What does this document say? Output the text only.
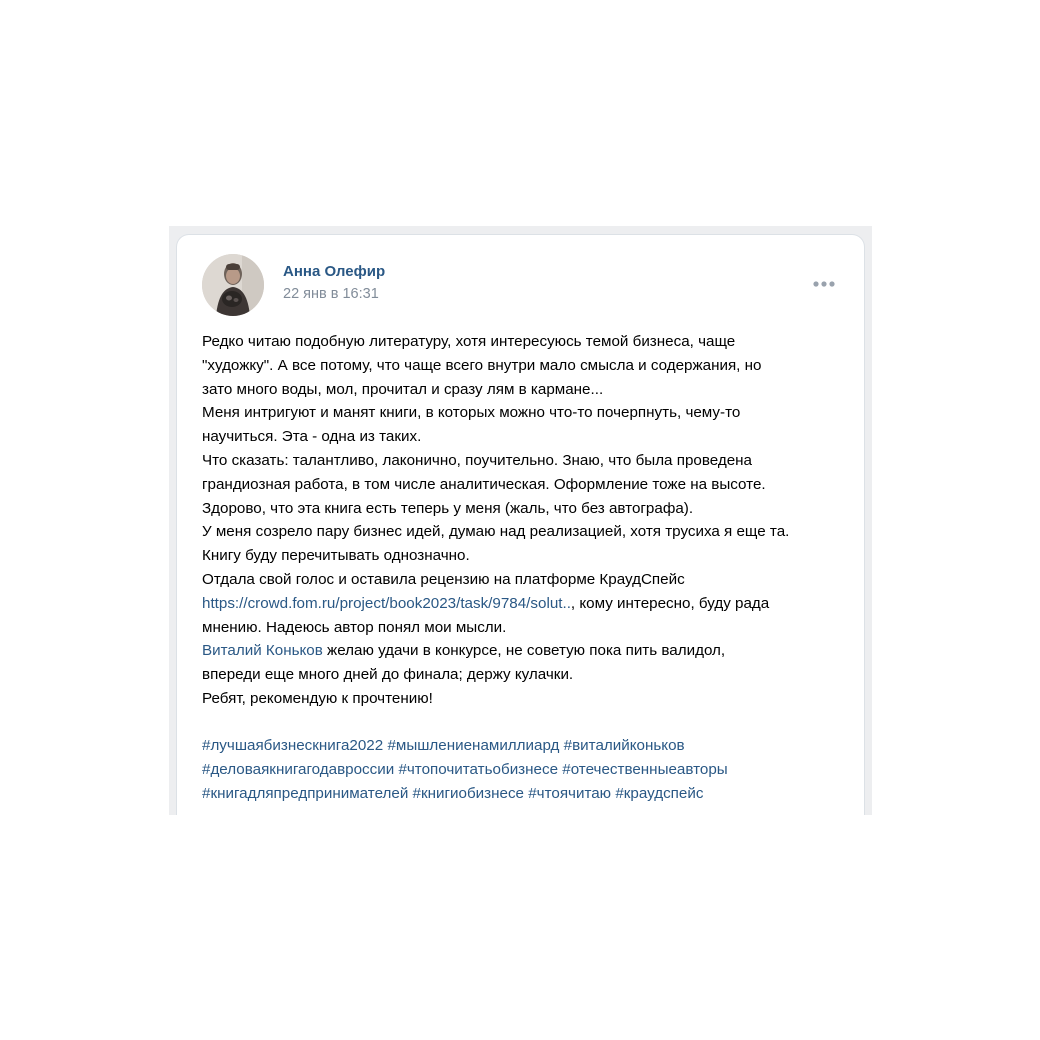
Анна Олефир
22 янв в 16:31
Редко читаю подобную литературу, хотя интересуюсь темой бизнеса, чаще
"художку". А все потому, что чаще всего внутри мало смысла и содержания, но
зато много воды, мол, прочитал и сразу лям в кармане...
Меня интригуют и манят книги, в которых можно что-то почерпнуть, чему-то
научиться. Эта - одна из таких.
Что сказать: талантливо, лаконично, поучительно. Знаю, что была проведена
грандиозная работа, в том числе аналитическая. Оформление тоже на высоте.
Здорово, что эта книга есть теперь у меня (жаль, что без автографа).
У меня созрело пару бизнес идей, думаю над реализацией, хотя трусиха я еще та.
Книгу буду перечитывать однозначно.
Отдала свой голос и оставила рецензию на платформе КраудСпейс
https://crowd.fom.ru/project/book2023/task/9784/solut.., кому интересно, буду рада
мнению. Надеюсь автор понял мои мысли.
Виталий Коньков желаю удачи в конкурсе, не советую пока пить валидол,
впереди еще много дней до финала; держу кулачки.
Ребят, рекомендую к прочтению!
#лучшаябизнескнига2022 #мышлениенамиллиард #виталийконьков
#деловаякнигагодавроссии #чтопочитатьобизнесе #отечественныеавторы
#книгадляпредпринимателей #книгиобизнесе #чтоячитаю #краудспейс
